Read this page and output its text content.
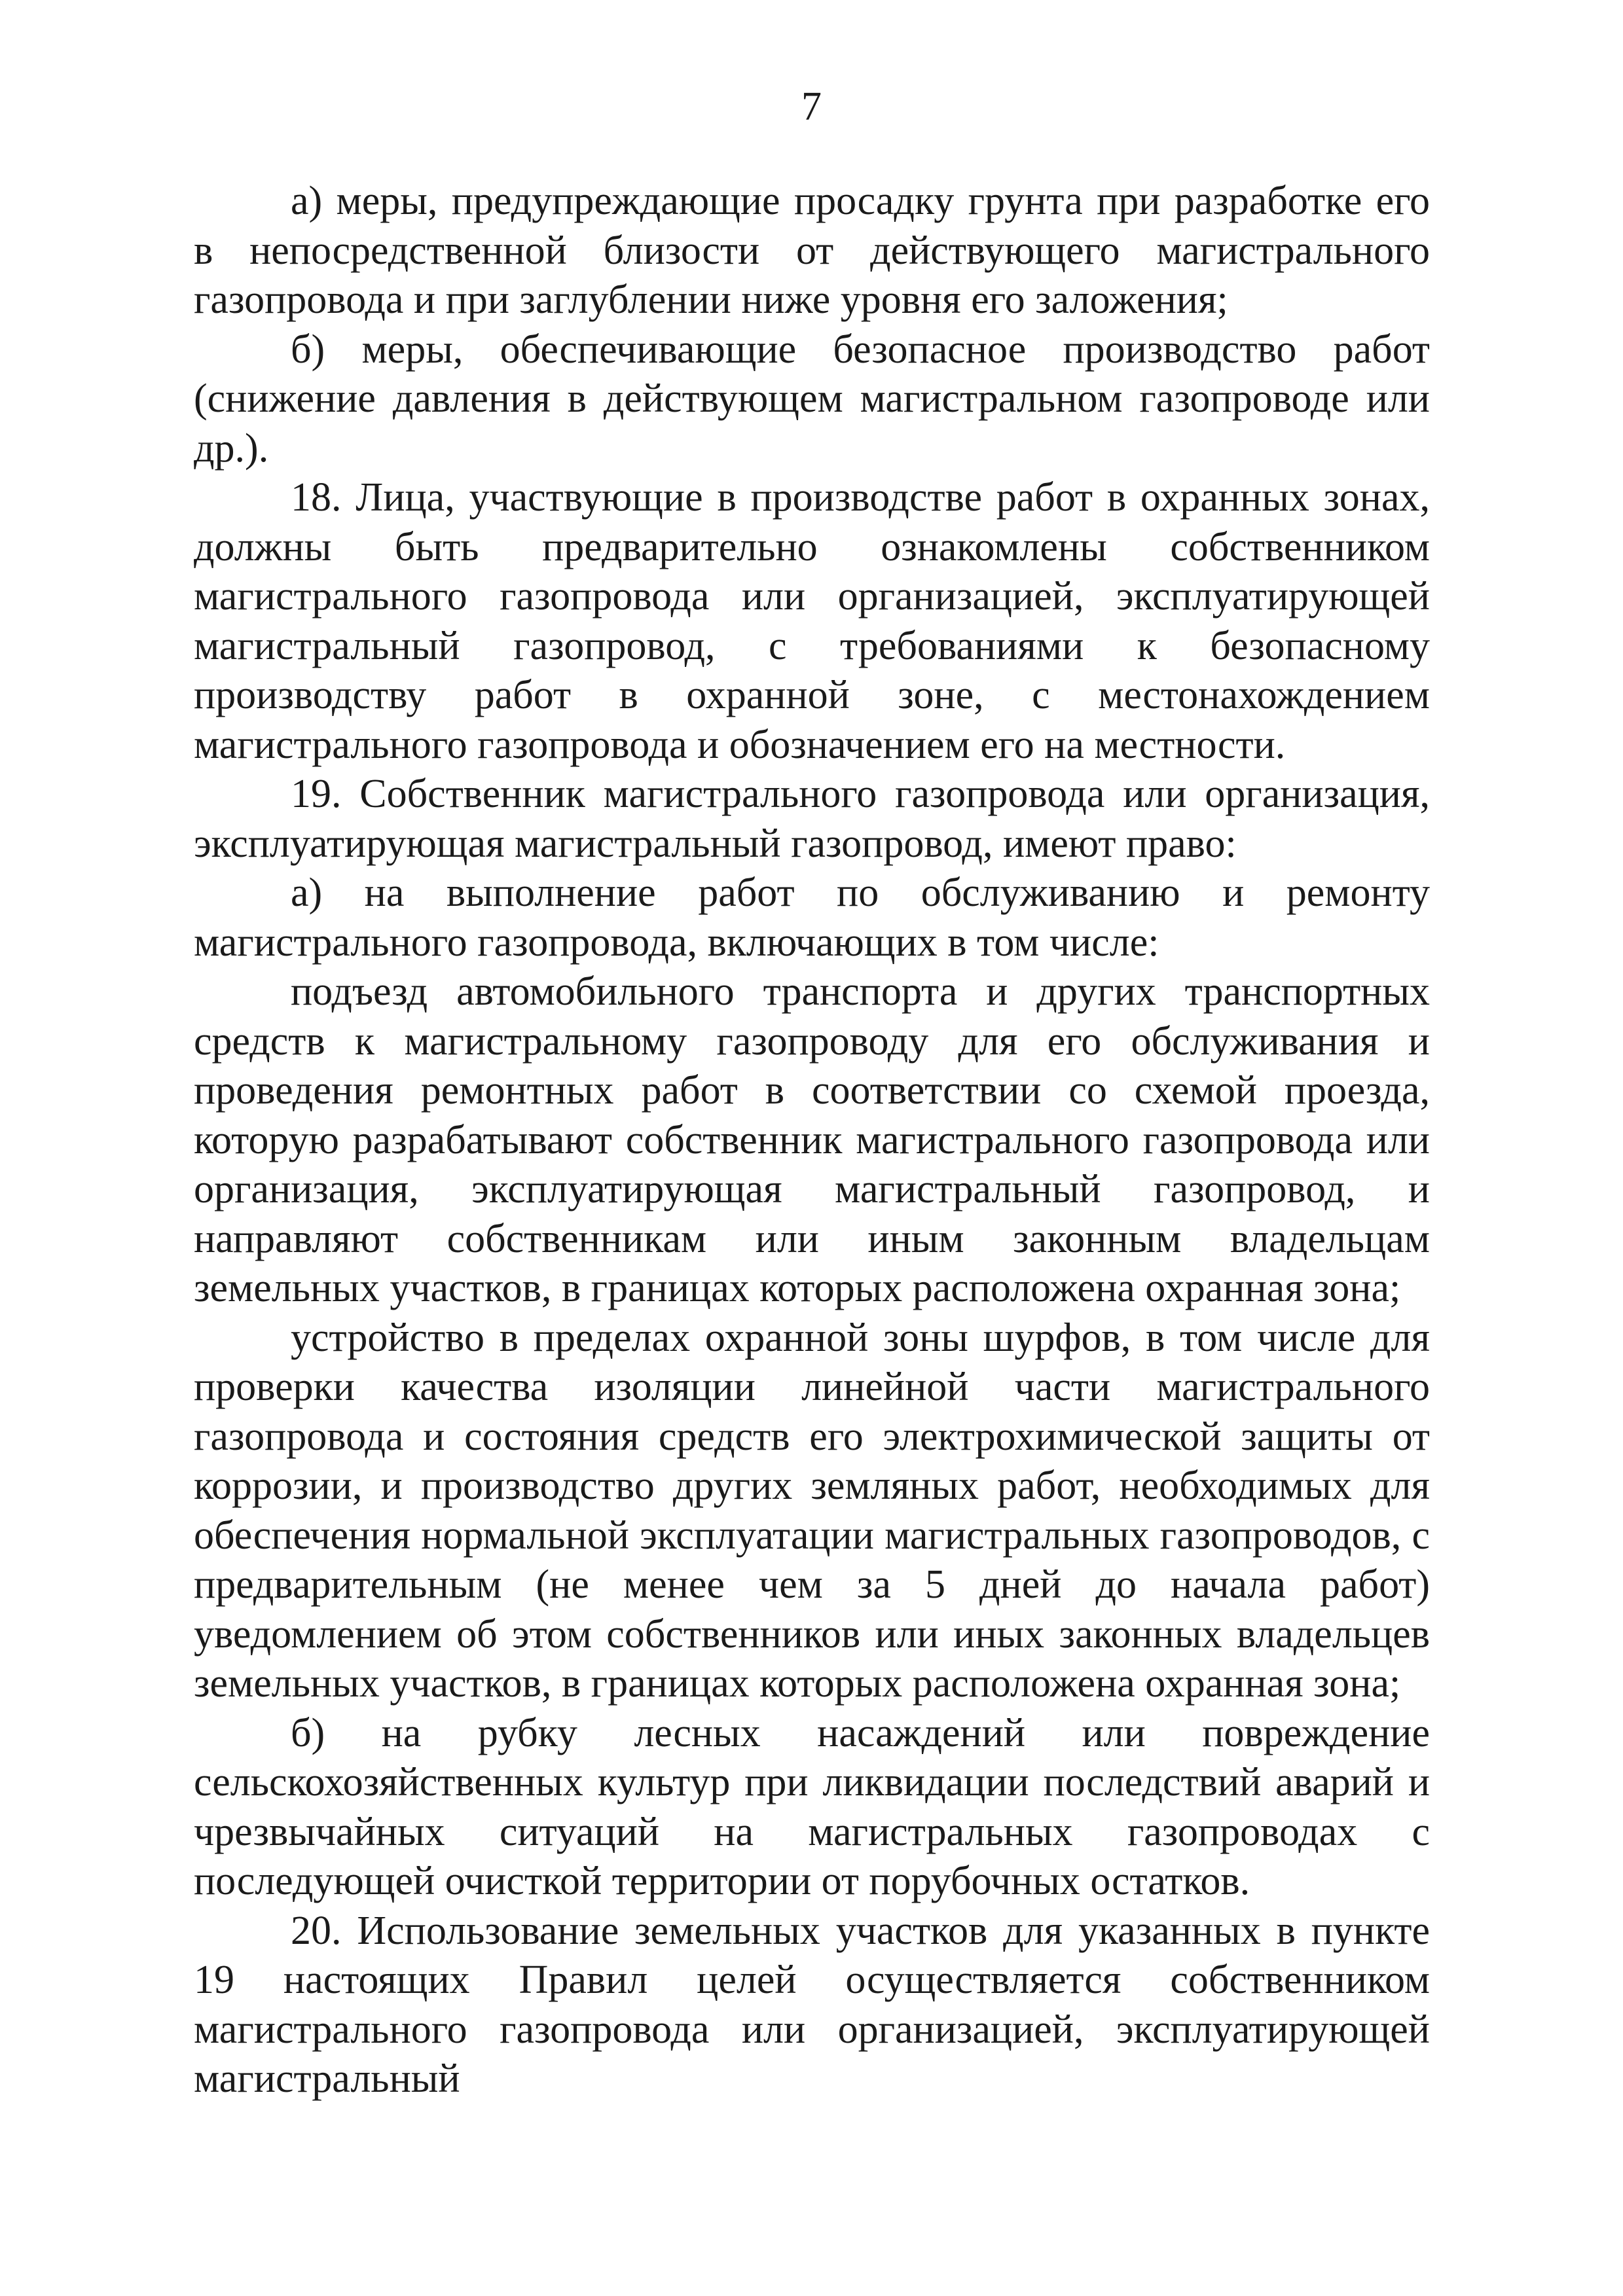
7

а) меры, предупреждающие просадку грунта при разработке его в непосредственной близости от действующего магистрального газопровода и при заглублении ниже уровня его заложения;

б) меры, обеспечивающие безопасное производство работ (снижение давления в действующем магистральном газопроводе или др.).

18. Лица, участвующие в производстве работ в охранных зонах, должны быть предварительно ознакомлены собственником магистрального газопровода или организацией, эксплуатирующей магистральный газопровод, с требованиями к безопасному производству работ в охранной зоне, с местонахождением магистрального газопровода и обозначением его на местности.

19. Собственник магистрального газопровода или организация, эксплуатирующая магистральный газопровод, имеют право:

а) на выполнение работ по обслуживанию и ремонту магистрального газопровода, включающих в том числе:

подъезд автомобильного транспорта и других транспортных средств к магистральному газопроводу для его обслуживания и проведения ремонтных работ в соответствии со схемой проезда, которую разрабатывают собственник магистрального газопровода или организация, эксплуатирующая магистральный газопровод, и направляют собственникам или иным законным владельцам земельных участков, в границах которых расположена охранная зона;

устройство в пределах охранной зоны шурфов, в том числе для проверки качества изоляции линейной части магистрального газопровода и состояния средств его электрохимической защиты от коррозии, и производство других земляных работ, необходимых для обеспечения нормальной эксплуатации магистральных газопроводов, с предварительным (не менее чем за 5 дней до начала работ) уведомлением об этом собственников или иных законных владельцев земельных участков, в границах которых расположена охранная зона;

б) на рубку лесных насаждений или повреждение сельскохозяйственных культур при ликвидации последствий аварий и чрезвычайных ситуаций на магистральных газопроводах с последующей очисткой территории от порубочных остатков.

20. Использование земельных участков для указанных в пункте 19 настоящих Правил целей осуществляется собственником магистрального газопровода или организацией, эксплуатирующей магистральный
